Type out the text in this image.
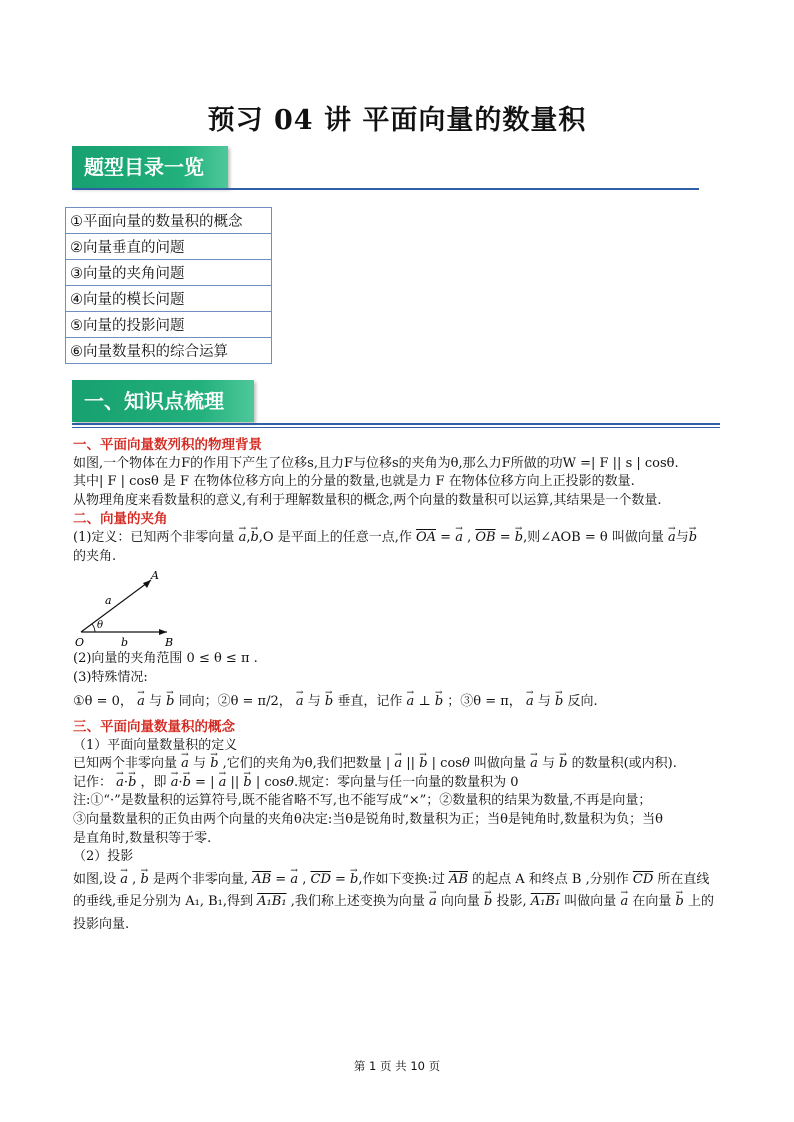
预习 04 讲 平面向量的数量积
题型目录一览
①平面向量的数量积的概念
②向量垂直的问题
③向量的夹角问题
④向量的模长问题
⑤向量的投影问题
⑥向量数量积的综合运算
一、知识点梳理
一、平面向量数列积的物理背景
如图,一个物体在力F的作用下产生了位移s,且力F与位移s的夹角为θ,那么力F所做的功W =| F || s | cosθ.
其中| F | cosθ 是 F 在物体位移方向上的分量的数量,也就是力 F 在物体位移方向上正投影的数量.
从物理角度来看数量积的意义,有利于理解数量积的概念,两个向量的数量积可以运算,其结果是一个数量.
二、向量的夹角
(1)定义：已知两个非零向量 → a,→ b,O 是平面上的任意一点,作 $\overline{OA}$ = → a , $\overline{OB}$ = → b,则∠AOB = θ 叫做向量 → a与→ b
的夹角.
A
a
θ
O	b	B
(2)向量的夹角范围 0 ≤ θ ≤ π .
(3)特殊情况:
①θ = 0， → a 与 → b 同向；②θ = π/2， → a 与 → b 垂直，记作 → a ⊥ → b ；③θ = π， → a 与 → b 反向.
三、平面向量数量积的概念
（1）平面向量数量积的定义
已知两个非零向量 → a 与 → b ,它们的夹角为θ,我们把数量 | → a || → b | cosθ 叫做向量 → a 与 → b 的数量积(或内积).
记作： → a·→ b ，即 → a·→ b = | → a || → b | cosθ.规定：零向量与任一向量的数量积为 0
注:①“·”是数量积的运算符号,既不能省略不写,也不能写成“×”；②数量积的结果为数量,不再是向量；
③向量数量积的正负由两个向量的夹角θ决定:当θ是锐角时,数量积为正；当θ是钝角时,数量积为负；当θ
是直角时,数量积等于零.
（2）投影
如图,设 → a , → b 是两个非零向量, $\overline{AB}$ = → a , $\overline{CD}$ = → b,作如下变换:过 $\overline{AB}$ 的起点 A 和终点 B ,分别作 $\overline{CD}$ 所在直线
的垂线,垂足分别为 A₁, B₁,得到 A₁B₁ ,我们称上述变换为向量 → a 向向量 → b 投影, A₁B₁ 叫做向量 → a 在向量 → b 上的
投影向量.
第 1 页 共 10 页
